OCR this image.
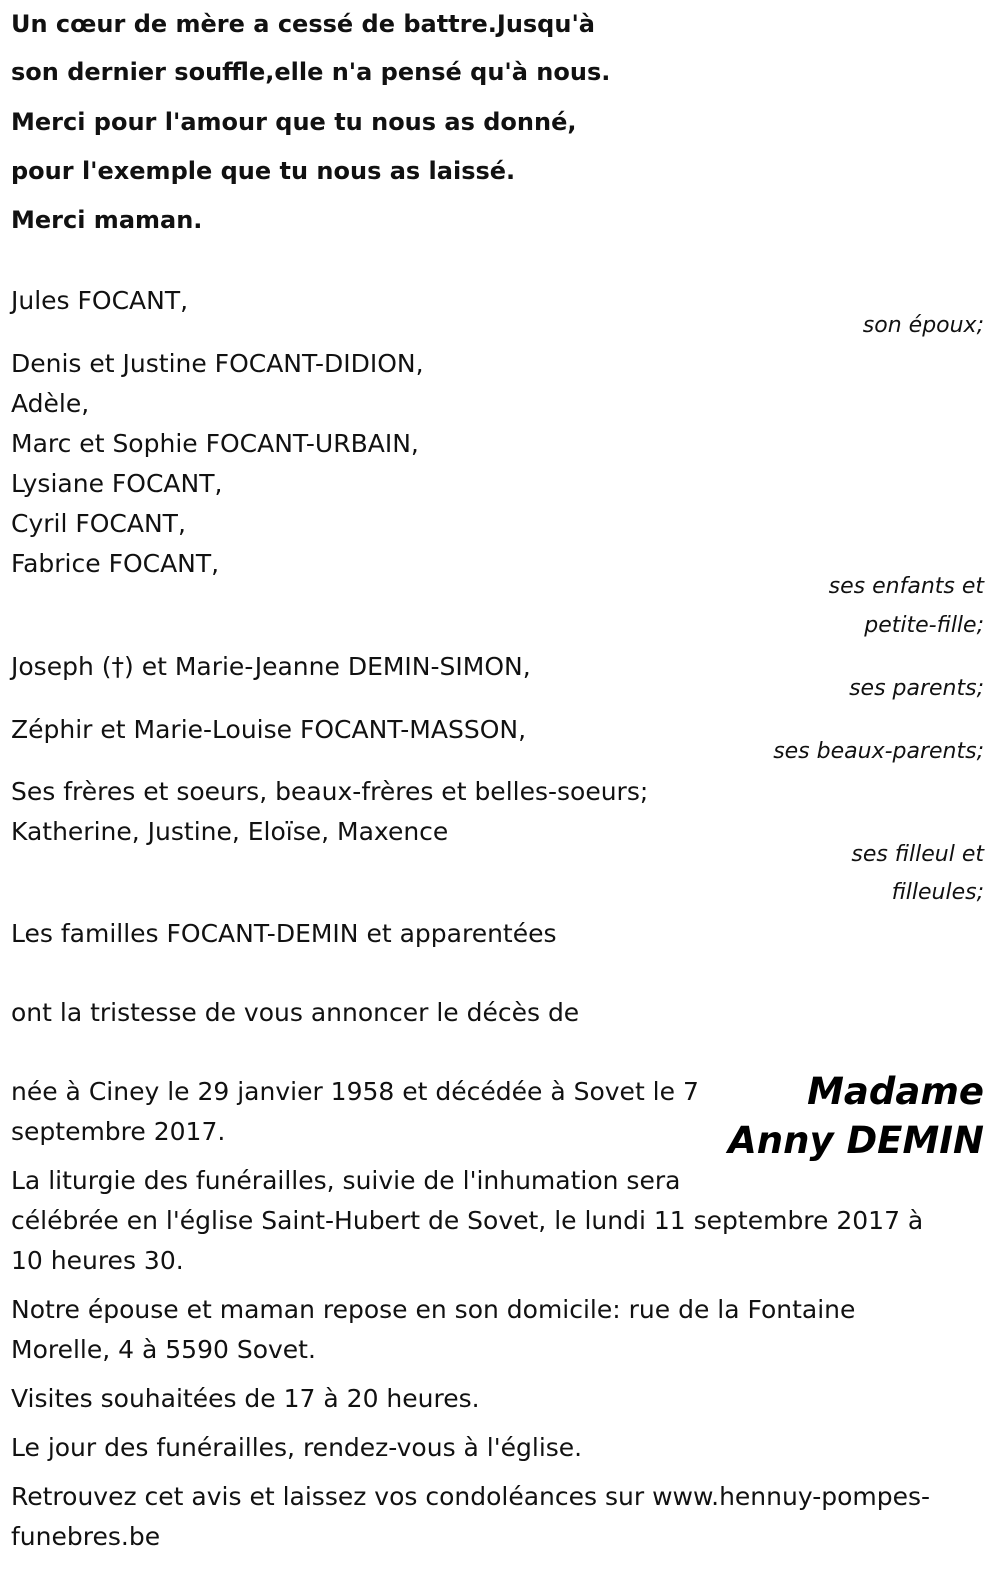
Un cœur de mère a cessé de battre.Jusqu'à
son dernier souffle,elle n'a pensé qu'à nous.
Merci pour l'amour que tu nous as donné,
pour l'exemple que tu nous as laissé.
Merci maman.
Jules FOCANT,
son époux;
Denis et Justine FOCANT-DIDION,
Adèle,
Marc et Sophie FOCANT-URBAIN,
Lysiane FOCANT,
Cyril FOCANT,
Fabrice FOCANT,
ses enfants et
petite-fille;
Joseph (†) et Marie-Jeanne DEMIN-SIMON,
ses parents;
Zéphir et Marie-Louise FOCANT-MASSON,
ses beaux-parents;
Ses frères et soeurs, beaux-frères et belles-soeurs;
Katherine, Justine, Eloïse, Maxence
ses filleul et
filleules;
Les familles FOCANT-DEMIN et apparentées
ont la tristesse de vous annoncer le décès de
Madame
Anny DEMIN
née à Ciney le 29 janvier 1958 et décédée à Sovet le 7
septembre 2017.
La liturgie des funérailles, suivie de l'inhumation sera
célébrée en l'église Saint-Hubert de Sovet, le lundi 11 septembre 2017 à
10 heures 30.
Notre épouse et maman repose en son domicile: rue de la Fontaine
Morelle, 4 à 5590 Sovet.
Visites souhaitées de 17 à 20 heures.
Le jour des funérailles, rendez-vous à l'église.
Retrouvez cet avis et laissez vos condoléances sur www.hennuy-pompes-
funebres.be
